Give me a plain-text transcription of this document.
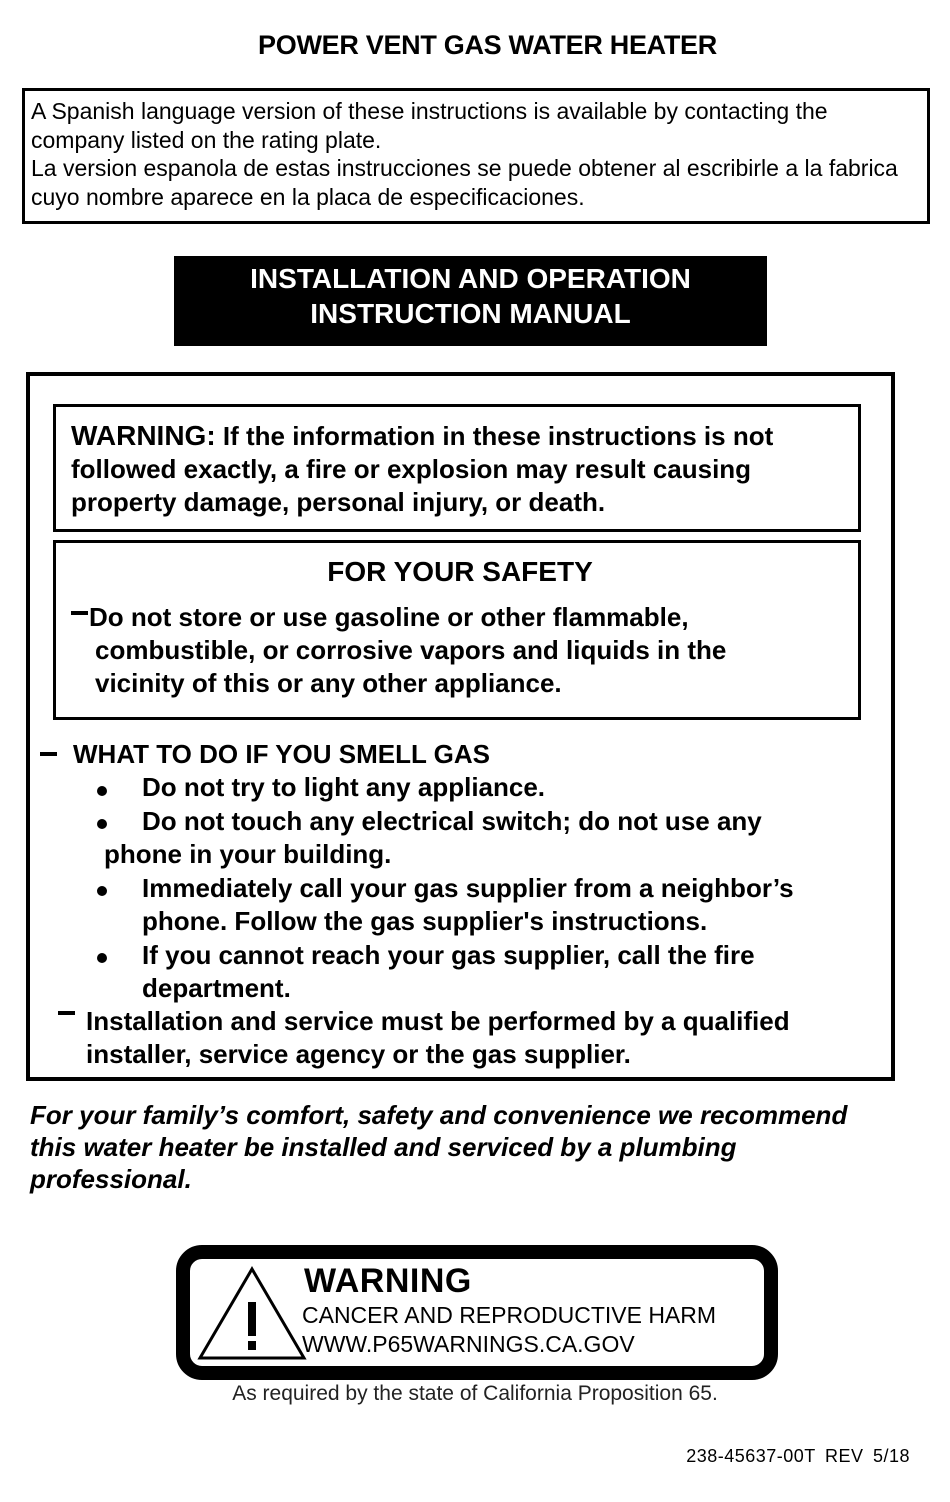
POWER VENT GAS WATER HEATER

A Spanish language version of these instructions is available by contacting the company listed on the rating plate.

La version espanola de estas instrucciones se puede obtener al escribirle a la fabrica cuyo nombre aparece en la placa de especificaciones.

INSTALLATION AND OPERATION
INSTRUCTION MANUAL
WARNING: If the information in these instructions is not followed exactly, a fire or explosion may result causing property damage, personal injury, or death.
FOR YOUR SAFETY
Do not store or use gasoline or other flammable,
combustible, or corrosive vapors and liquids in the
vicinity of this or any other appliance.
WHAT TO DO IF YOU SMELL GAS
Do not try to light any appliance.
Do not touch any electrical switch; do not use any
phone in your building.
Immediately call your gas supplier from a neighbor’s
phone. Follow the gas supplier's instructions.
If you cannot reach your gas supplier, call the fire
department.
Installation and service must be performed by a qualified
installer, service agency or the gas supplier.
For your family’s comfort, safety and convenience we recommend this water heater be installed and serviced by a plumbing professional.
WARNING
CANCER AND REPRODUCTIVE HARM
WWW.P65WARNINGS.CA.GOV
As required by the state of California Proposition 65.
238-45637-00T REV 5/18
